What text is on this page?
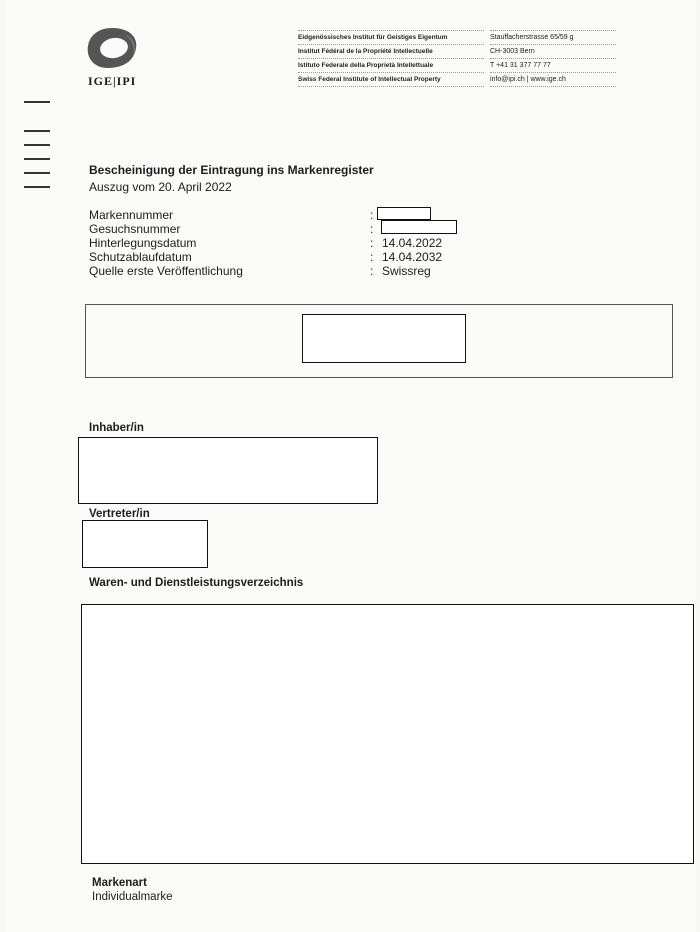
IGE|IPI
Eidgenössisches Institut für Geistiges Eigentum
Institut Fédéral de la Propriété Intellectuelle
Istituto Federale della Proprietà Intellettuale
Swiss Federal Institute of Intellectual Property
Stauffacherstrasse 65/59 g
CH-3003 Bern
T +41 31 377 77 77
info@ipi.ch | www.ige.ch
Bescheinigung der Eintragung ins Markenregister
Auszug vom 20. April 2022
Markennummer
Gesuchsnummer
Hinterlegungsdatum
Schutzablaufdatum
Quelle erste Veröffentlichung
:
:
: 14.04.2022
: 14.04.2032
: Swissreg
Inhaber/in
Vertreter/in
Waren- und Dienstleistungsverzeichnis
Markenart
Individualmarke
